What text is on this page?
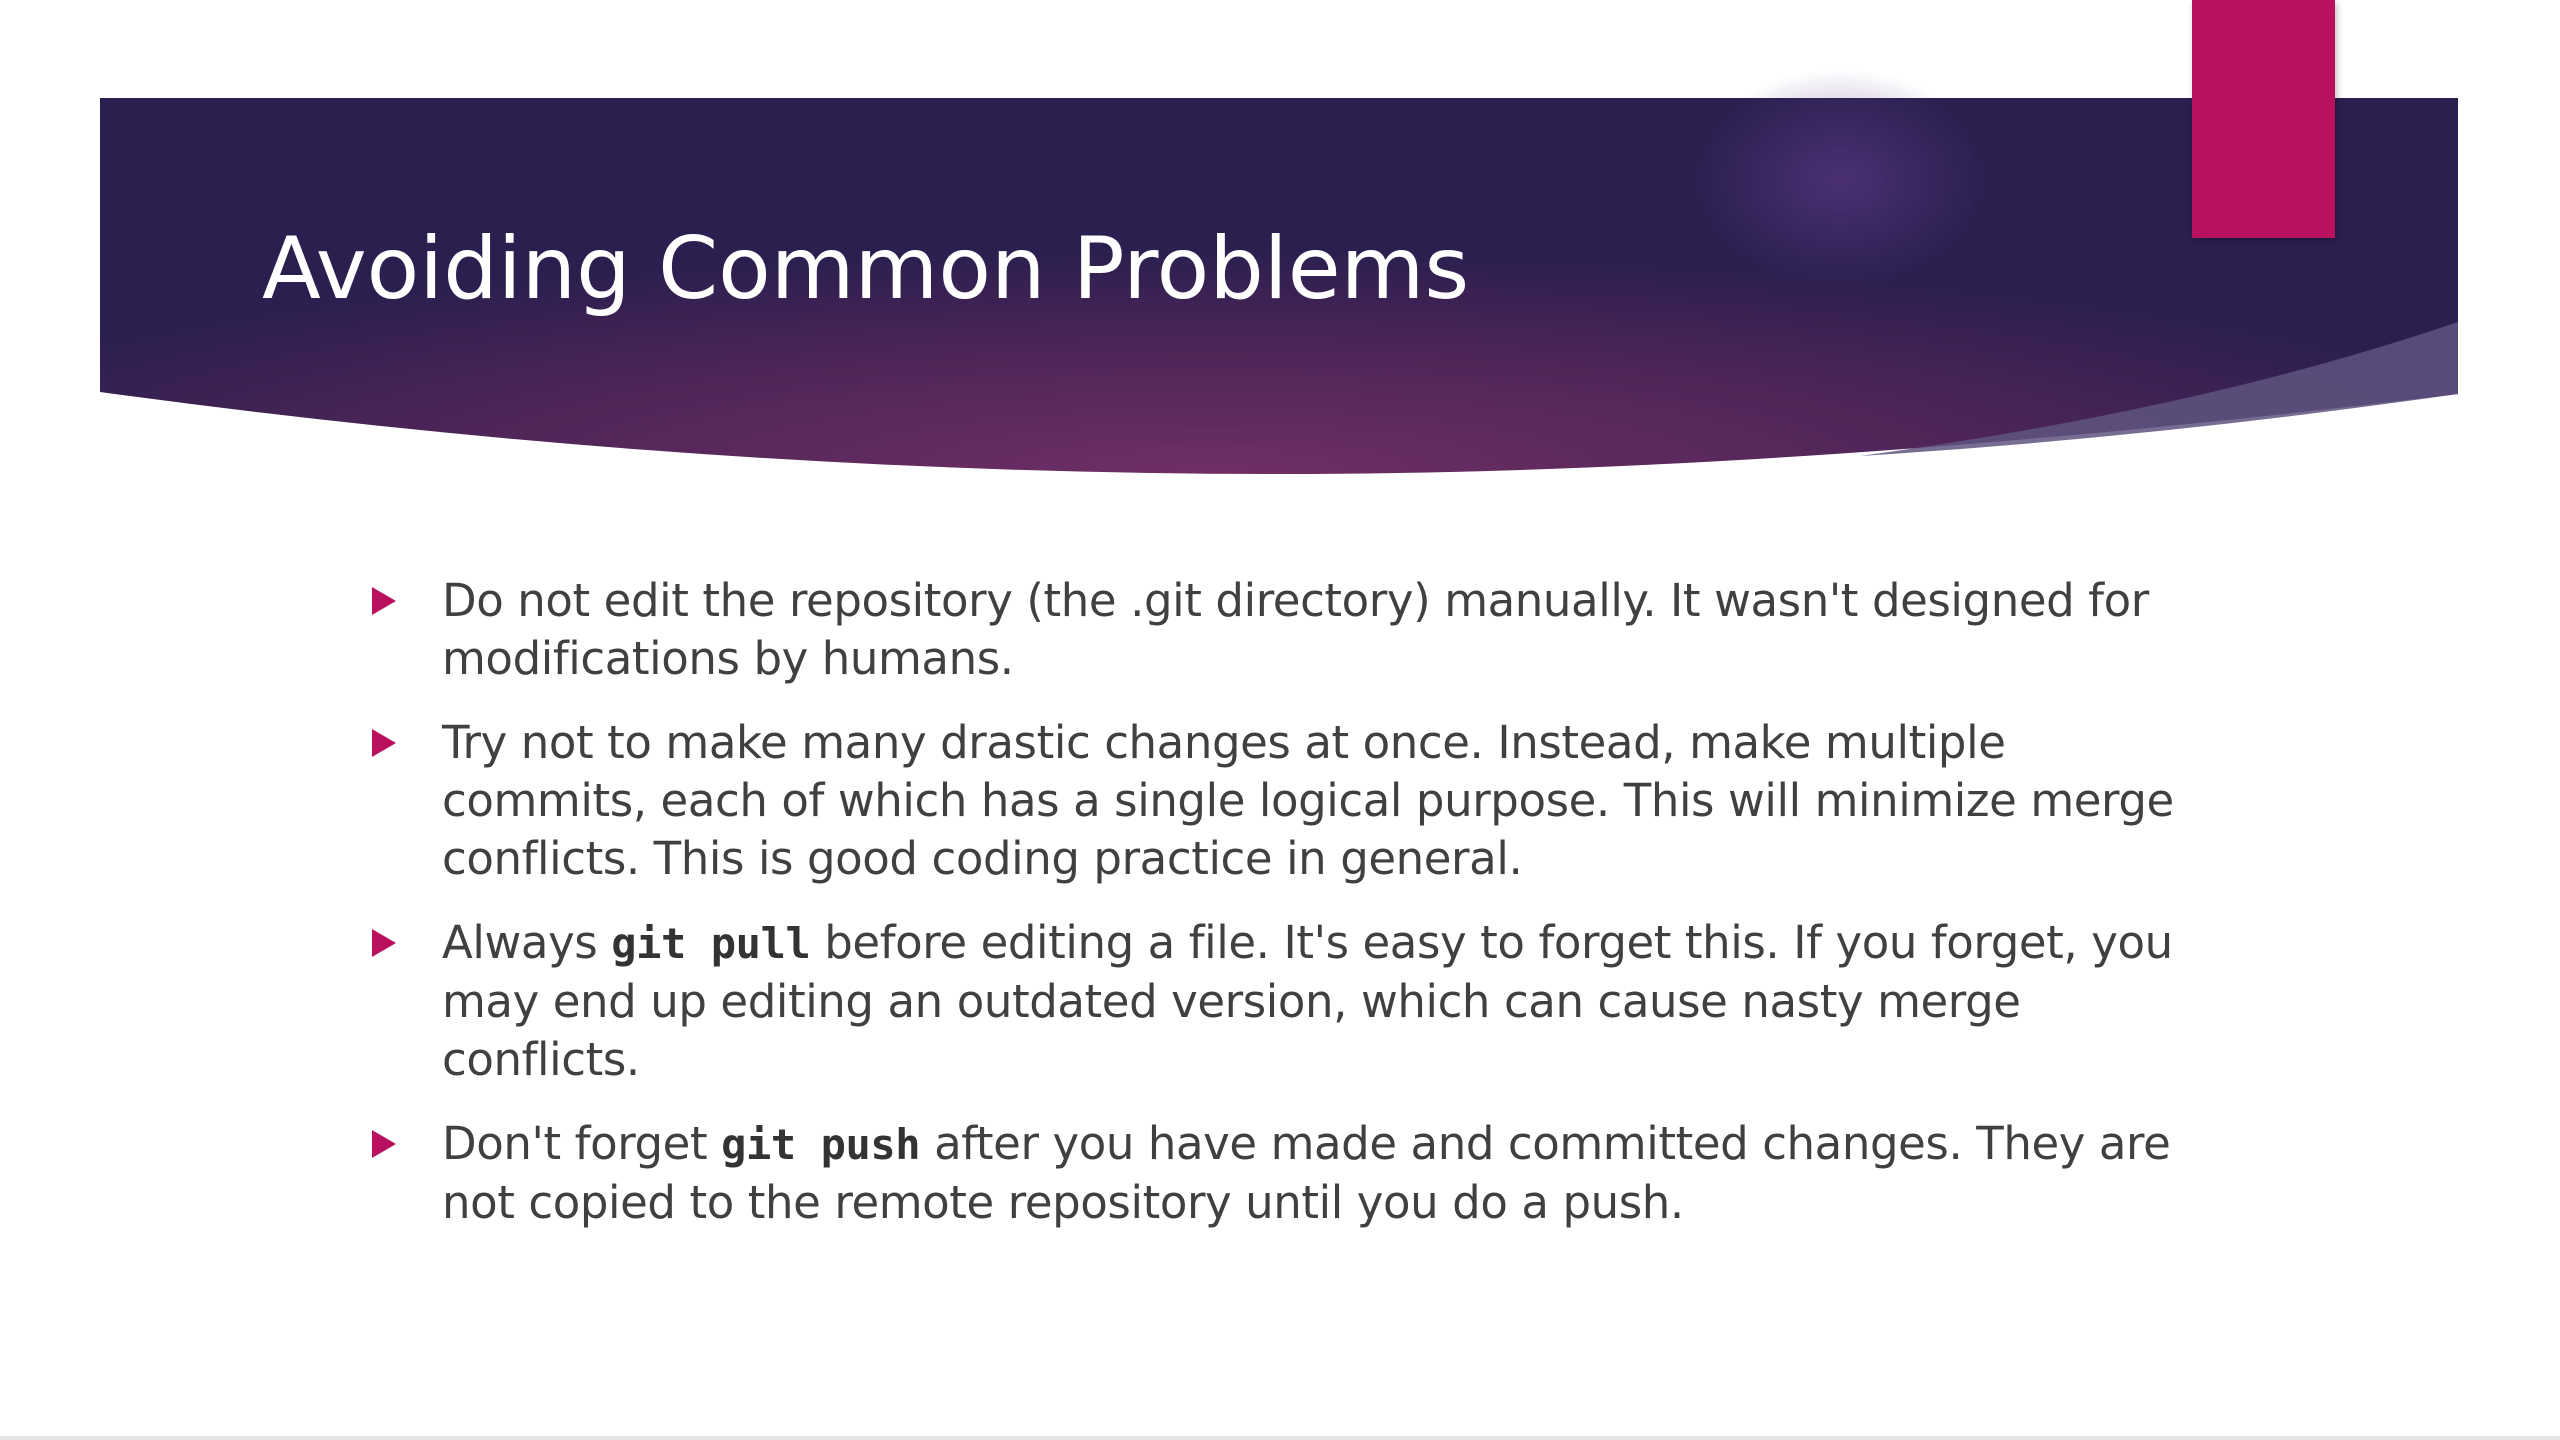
Avoiding Common Problems
Do not edit the repository (the .git directory) manually. It wasn't designed for modifications by humans.
Try not to make many drastic changes at once. Instead, make multiple commits, each of which has a single logical purpose. This will minimize merge conflicts. This is good coding practice in general.
Always git pull before editing a file. It's easy to forget this. If you forget, you may end up editing an outdated version, which can cause nasty merge conflicts.
Don't forget git push after you have made and committed changes. They are not copied to the remote repository until you do a push.
